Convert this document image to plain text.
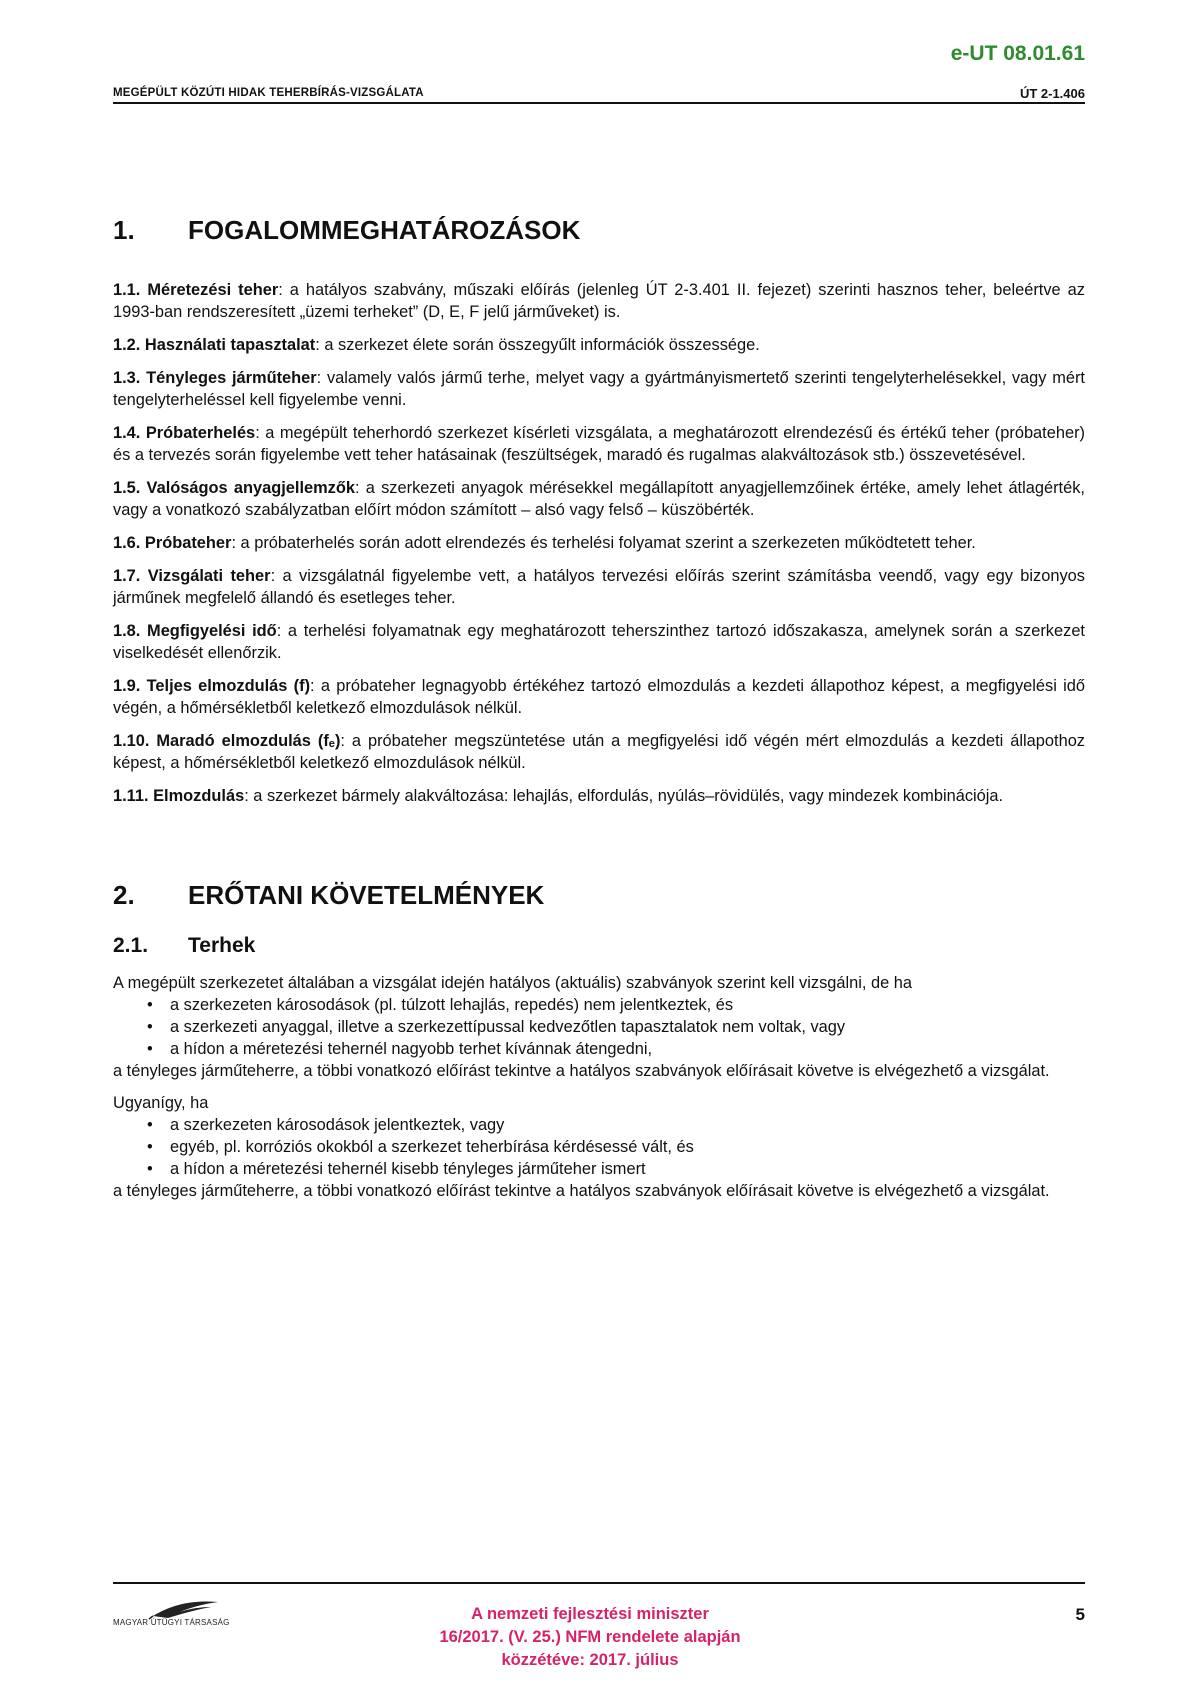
e-UT 08.01.61
MEGÉPÜLT KÖZÚTI HIDAK TEHERBÍRÁS-VIZSGÁLATA	ÚT 2-1.406
1.	FOGALOMMEGHATÁROZÁSOK

1.1. Méretezési teher: a hatályos szabvány, műszaki előírás (jelenleg ÚT 2-3.401 II. fejezet) szerinti hasznos teher, beleértve az 1993-ban rendszeresített „üzemi terheket” (D, E, F jelű járműveket) is.

1.2. Használati tapasztalat: a szerkezet élete során összegyűlt információk összessége.

1.3. Tényleges járműteher: valamely valós jármű terhe, melyet vagy a gyártmányismertető szerinti tengelyterhelésekkel, vagy mért tengelyterheléssel kell figyelembe venni.

1.4. Próbaterhelés: a megépült teherhordó szerkezet kísérleti vizsgálata, a meghatározott elrendezésű és értékű teher (próbateher) és a tervezés során figyelembe vett teher hatásainak (feszültségek, maradó és rugalmas alakváltozások stb.) összevetésével.

1.5. Valóságos anyagjellemzők: a szerkezeti anyagok mérésekkel megállapított anyagjellemzőinek értéke, amely lehet átlagérték, vagy a vonatkozó szabályzatban előírt módon számított – alsó vagy felső – küszöbérték.

1.6. Próbateher: a próbaterhelés során adott elrendezés és terhelési folyamat szerint a szerkezeten működtetett teher.

1.7. Vizsgálati teher: a vizsgálatnál figyelembe vett, a hatályos tervezési előírás szerint számításba veendő, vagy egy bizonyos járműnek megfelelő állandó és esetleges teher.

1.8. Megfigyelési idő: a terhelési folyamatnak egy meghatározott teherszinthez tartozó időszakasza, amelynek során a szerkezet viselkedését ellenőrzik.

1.9. Teljes elmozdulás (f): a próbateher legnagyobb értékéhez tartozó elmozdulás a kezdeti állapothoz képest, a megfigyelési idő végén, a hőmérsékletből keletkező elmozdulások nélkül.

1.10. Maradó elmozdulás (fₑ): a próbateher megszüntetése után a megfigyelési idő végén mért elmozdulás a kezdeti állapothoz képest, a hőmérsékletből keletkező elmozdulások nélkül.

1.11. Elmozdulás: a szerkezet bármely alakváltozása: lehajlás, elfordulás, nyúlás–rövidülés, vagy mindezek kombinációja.

2.	ERŐTANI KÖVETELMÉNYEK
2.1.	Terhek

A megépült szerkezetet általában a vizsgálat idején hatályos (aktuális) szabványok szerint kell vizsgálni, de ha

• a szerkezeten károsodások (pl. túlzott lehajlás, repedés) nem jelentkeztek, és
• a szerkezeti anyaggal, illetve a szerkezettípussal kedvezőtlen tapasztalatok nem voltak, vagy
• a hídon a méretezési tehernél nagyobb terhet kívánnak átengedni,

a tényleges járműteherre, a többi vonatkozó előírást tekintve a hatályos szabványok előírásait követve is elvégezhető a vizsgálat.

Ugyanígy, ha

• a szerkezeten károsodások jelentkeztek, vagy
• egyéb, pl. korróziós okokból a szerkezet teherbírása kérdésessé vált, és
• a hídon a méretezési tehernél kisebb tényleges járműteher ismert

a tényleges járműteherre, a többi vonatkozó előírást tekintve a hatályos szabványok előírásait követve is elvégezhető a vizsgálat.

MAGYAR ÚTÜGYI TÁRSASÁG	A nemzeti fejlesztési miniszter
16/2017. (V. 25.) NFM rendelete alapján
közzétéve: 2017. július
5
